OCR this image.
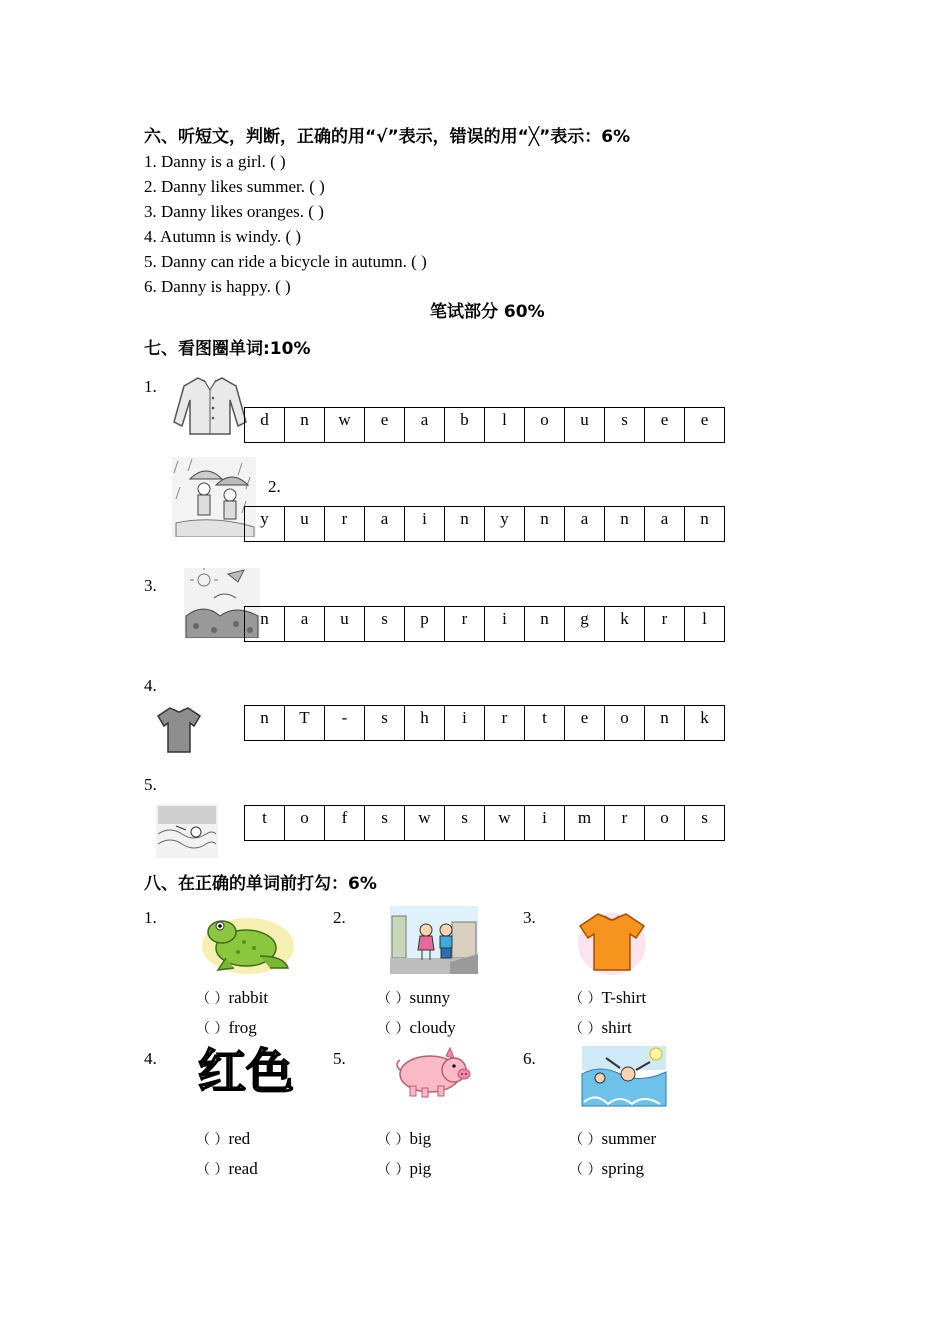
六、听短文，判断，正确的用“√”表示，错误的用“╳”表示：6%
1. Danny is a girl. ( )
2. Danny likes summer. ( )
3. Danny likes oranges. ( )
4. Autumn is windy. ( )
5. Danny can ride a bicycle in autumn. ( )
6. Danny is happy. ( )
笔试部分 60%
七、看图圈单词:10%
1.
2.
3.
4.
5.
d	n	w	e	a	b	l	o	u	s	e	e
y	u	r	a	i	n	y	n	a	n	a	n
n	a	u	s	p	r	i	n	g	k	r	l
n	T	-	s	h	i	r	t	e	o	n	k
t	o	f	s	w	s	w	i	m	r	o	s
八、在正确的单词前打勾：6%
1.	2.	3.
4.	5.	6.
红色
（ ）rabbit
（ ）frog
（ ）sunny
（ ）cloudy
（ ）T-shirt
（ ）shirt
（ ）red
（ ）read
（ ）big
（ ）pig
（ ）summer
（ ）spring
